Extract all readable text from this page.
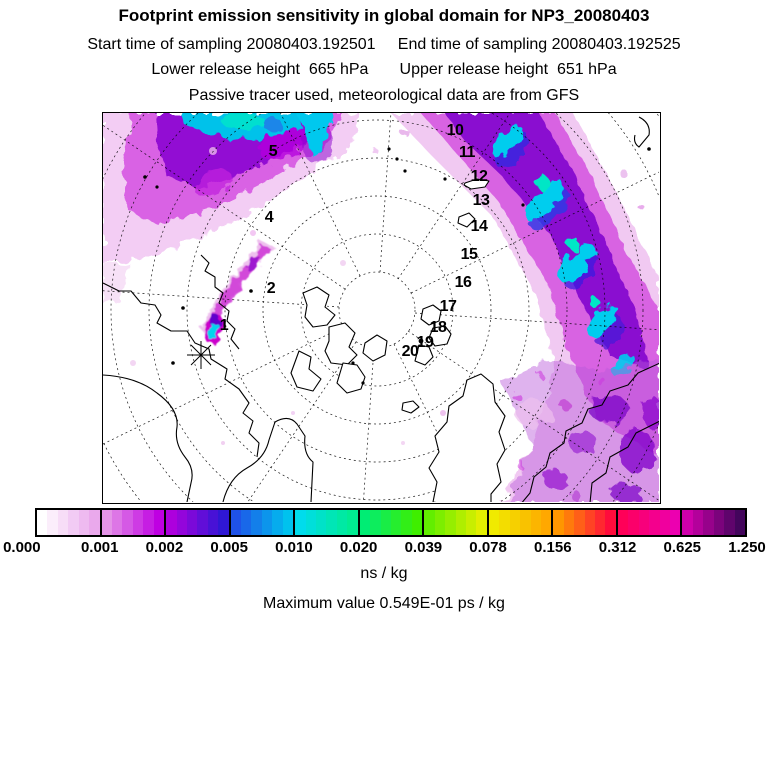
Footprint emission sensitivity in global domain for NP3_20080403
Start time of sampling 20080403.192501     End time of sampling 20080403.192525
Lower release height  665 hPa       Upper release height  651 hPa
Passive tracer used, meteorological data are from GFS
1
2
4
5
10
11
12
13
14
15
16
17
18
19
20
0.000	0.001 0.002 0.005 0.010 0.020 0.039 0.078 0.156 0.312 0.625 1.250
ns / kg
Maximum value 0.549E-01 ps / kg
